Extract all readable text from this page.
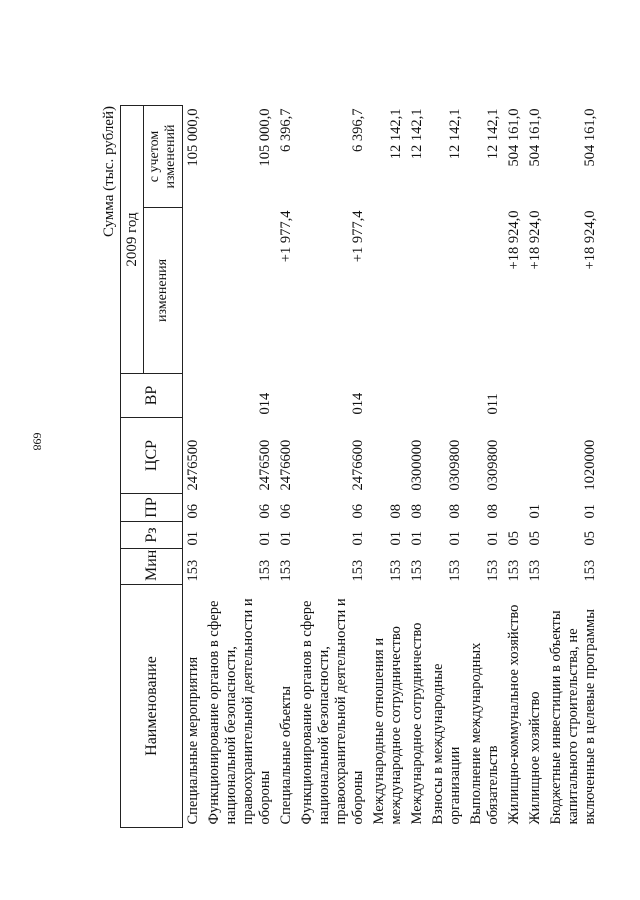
698
Сумма (тыс. рублей)
Наименование	Мин	Рз	ПР	ЦСР	ВР	2009 год	
						изменения	с учетом изменений
Специальные мероприятия	153	01	06	2476500			105 000,0
Функционирование органов в сфере национальной безопасности, правоохранительной деятельности и обороны	153	01	06	2476500	014		105 000,0
Специальные объекты	153	01	06	2476600		+1 977,4	6 396,7
Функционирование органов в сфере национальной безопасности, правоохранительной деятельности и обороны	153	01	06	2476600	014	+1 977,4	6 396,7
Международные отношения и международное сотрудничество	153	01	08				12 142,1
Международное сотрудничество	153	01	08	0300000			12 142,1
Взносы в международные организации	153	01	08	0309800			12 142,1
Выполнение международных обязательств	153	01	08	0309800	011		12 142,1
Жилищно-коммунальное хозяйство	153	05				+18 924,0	504 161,0
Жилищное хозяйство	153	05	01			+18 924,0	504 161,0
Бюджетные инвестиции в объекты капитального строительства, не включенные в целевые программы	153	05	01	1020000		+18 924,0	504 161,0
